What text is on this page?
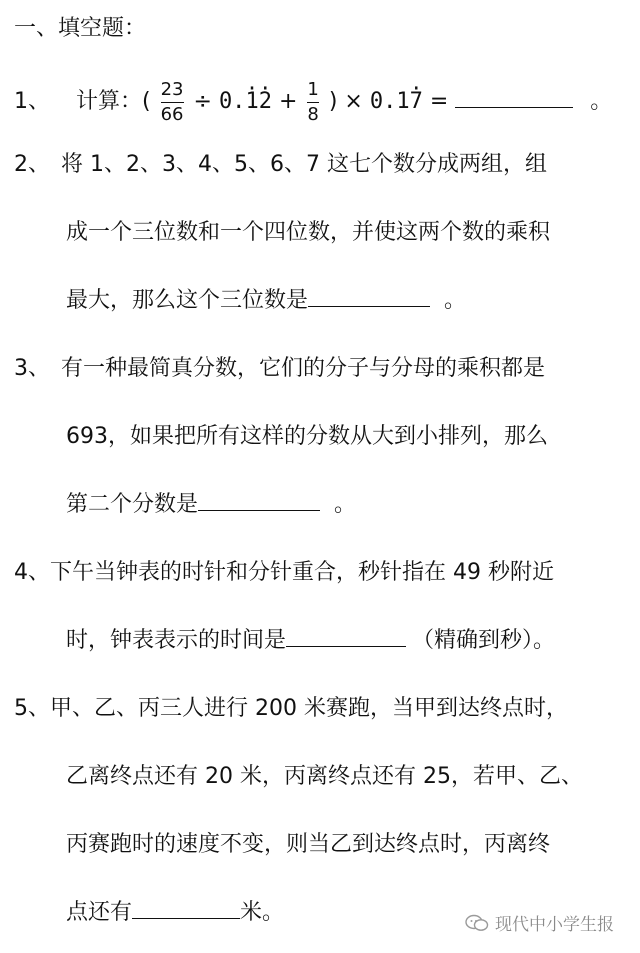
一、填空题：
1、 计算：( $\frac{23}{66} \div 0.\cdot 1\cdot 2 + \frac{1}{8}$ ) × 0.1· 7 =	。
2、　将 1、2、3、4、5、6、7 这七个数分成两组，组
成一个三位数和一个四位数，并使这两个数的乘积
最大，那么这个三位数是	。
3、　有一种最简真分数，它们的分子与分母的乘积都是
693，如果把所有这样的分数从大到小排列，那么
第二个分数是	。
4、下午当钟表的时针和分针重合，秒针指在 49 秒附近
时，钟表表示的时间是	（精确到秒）。
5、甲、乙、丙三人进行 200 米赛跑，当甲到达终点时，
乙离终点还有 20 米，丙离终点还有 25，若甲、乙、
丙赛跑时的速度不变，则当乙到达终点时，丙离终
点还有	米。	现代中小学生报
